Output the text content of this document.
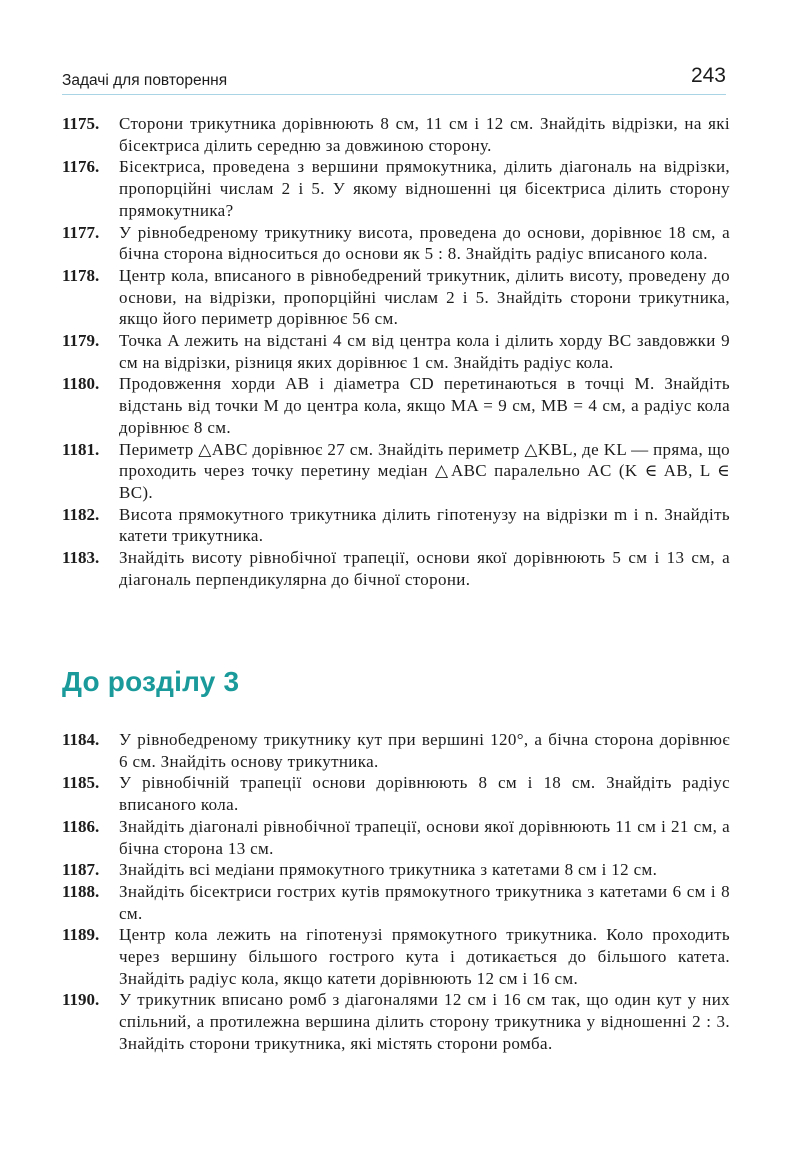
Задачі для повторення	243
1175. Сторони трикутника дорівнюють 8 см, 11 см і 12 см. Знайдіть відрізки, на які бісектриса ділить середню за довжиною сторону.
1176. Бісектриса, проведена з вершини прямокутника, ділить діагональ на відрізки, пропорційні числам 2 і 5. У якому відношенні ця бісектриса ділить сторону прямокутника?
1177. У рівнобедреному трикутнику висота, проведена до основи, дорівнює 18 см, а бічна сторона відноситься до основи як 5 : 8. Знайдіть радіус вписаного кола.
1178. Центр кола, вписаного в рівнобедрений трикутник, ділить висоту, проведену до основи, на відрізки, пропорційні числам 2 і 5. Знайдіть сторони трикутника, якщо його периметр дорівнює 56 см.
1179. Точка A лежить на відстані 4 см від центра кола і ділить хорду BC завдовжки 9 см на відрізки, різниця яких дорівнює 1 см. Знайдіть радіус кола.
1180. Продовження хорди AB і діаметра CD перетинаються в точці M. Знайдіть відстань від точки M до центра кола, якщо MA = 9 см, MB = 4 см, а радіус кола дорівнює 8 см.
1181. Периметр △ABC дорівнює 27 см. Знайдіть периметр △KBL, де KL — пряма, що проходить через точку перетину медіан △ABC паралельно AC (K ∈ AB, L ∈ BC).
1182. Висота прямокутного трикутника ділить гіпотенузу на відрізки m і n. Знайдіть катети трикутника.
1183. Знайдіть висоту рівнобічної трапеції, основи якої дорівнюють 5 см і 13 см, а діагональ перпендикулярна до бічної сторони.
До розділу 3
1184. У рівнобедреному трикутнику кут при вершині 120°, а бічна сторона дорівнює 6 см. Знайдіть основу трикутника.
1185. У рівнобічній трапеції основи дорівнюють 8 см і 18 см. Знайдіть радіус вписаного кола.
1186. Знайдіть діагоналі рівнобічної трапеції, основи якої дорівнюють 11 см і 21 см, а бічна сторона 13 см.
1187. Знайдіть всі медіани прямокутного трикутника з катетами 8 см і 12 см.
1188. Знайдіть бісектриси гострих кутів прямокутного трикутника з катетами 6 см і 8 см.
1189. Центр кола лежить на гіпотенузі прямокутного трикутника. Коло проходить через вершину більшого гострого кута і дотикається до більшого катета. Знайдіть радіус кола, якщо катети дорівнюють 12 см і 16 см.
1190. У трикутник вписано ромб з діагоналями 12 см і 16 см так, що один кут у них спільний, а протилежна вершина ділить сторону трикутника у відношенні 2 : 3. Знайдіть сторони трикутника, які містять сторони ромба.
